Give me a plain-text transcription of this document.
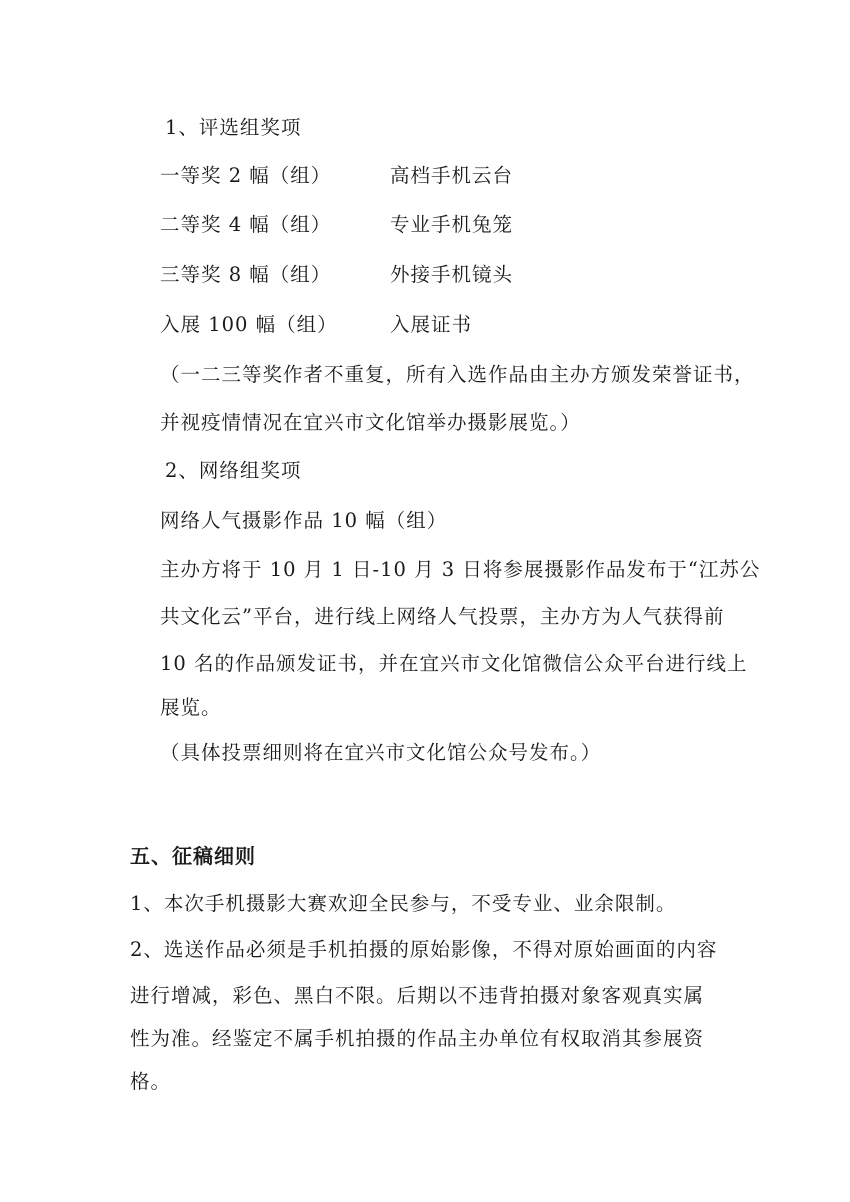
1、评选组奖项
一等奖 2 幅（组）	高档手机云台
二等奖 4 幅（组）	专业手机兔笼
三等奖 8 幅（组）	外接手机镜头
入展 100 幅（组）	入展证书
（一二三等奖作者不重复，所有入选作品由主办方颁发荣誉证书，
并视疫情情况在宜兴市文化馆举办摄影展览。）
2、网络组奖项
网络人气摄影作品 10 幅（组）
主办方将于 10 月 1 日-10 月 3 日将参展摄影作品发布于“江苏公
共文化云”平台，进行线上网络人气投票，主办方为人气获得前
10 名的作品颁发证书，并在宜兴市文化馆微信公众平台进行线上
展览。
（具体投票细则将在宜兴市文化馆公众号发布。）
五、征稿细则
1、本次手机摄影大赛欢迎全民参与，不受专业、业余限制。
2、选送作品必须是手机拍摄的原始影像，不得对原始画面的内容
进行增减，彩色、黑白不限。后期以不违背拍摄对象客观真实属
性为准。经鉴定不属手机拍摄的作品主办单位有权取消其参展资
格。
